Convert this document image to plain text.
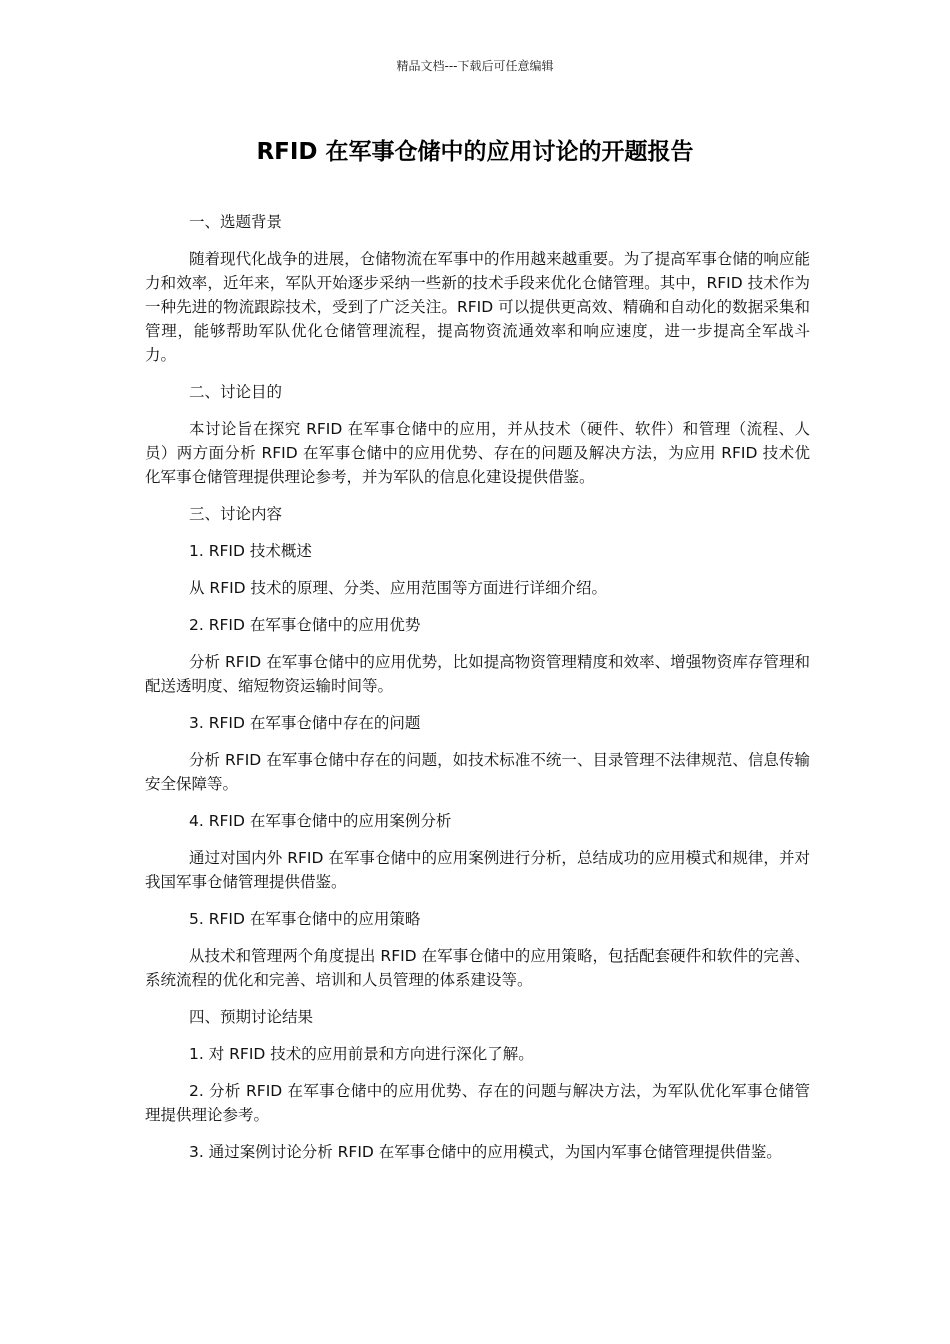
精品文档---下载后可任意编辑
RFID 在军事仓储中的应用讨论的开题报告

一、选题背景

随着现代化战争的进展，仓储物流在军事中的作用越来越重要。为了提高军事仓储的响应能力和效率，近年来，军队开始逐步采纳一些新的技术手段来优化仓储管理。其中，RFID 技术作为一种先进的物流跟踪技术，受到了广泛关注。RFID 可以提供更高效、精确和自动化的数据采集和管理，能够帮助军队优化仓储管理流程，提高物资流通效率和响应速度，进一步提高全军战斗力。

二、讨论目的

本讨论旨在探究 RFID 在军事仓储中的应用，并从技术（硬件、软件）和管理（流程、人员）两方面分析 RFID 在军事仓储中的应用优势、存在的问题及解决方法，为应用 RFID 技术优化军事仓储管理提供理论参考，并为军队的信息化建设提供借鉴。

三、讨论内容

1. RFID 技术概述

从 RFID 技术的原理、分类、应用范围等方面进行详细介绍。

2. RFID 在军事仓储中的应用优势

分析 RFID 在军事仓储中的应用优势，比如提高物资管理精度和效率、增强物资库存管理和配送透明度、缩短物资运输时间等。

3. RFID 在军事仓储中存在的问题

分析 RFID 在军事仓储中存在的问题，如技术标准不统一、目录管理不法律规范、信息传输安全保障等。

4. RFID 在军事仓储中的应用案例分析

通过对国内外 RFID 在军事仓储中的应用案例进行分析，总结成功的应用模式和规律，并对我国军事仓储管理提供借鉴。

5. RFID 在军事仓储中的应用策略

从技术和管理两个角度提出 RFID 在军事仓储中的应用策略，包括配套硬件和软件的完善、系统流程的优化和完善、培训和人员管理的体系建设等。

四、预期讨论结果

1. 对 RFID 技术的应用前景和方向进行深化了解。

2. 分析 RFID 在军事仓储中的应用优势、存在的问题与解决方法，为军队优化军事仓储管理提供理论参考。

3. 通过案例讨论分析 RFID 在军事仓储中的应用模式，为国内军事仓储管理提供借鉴。
